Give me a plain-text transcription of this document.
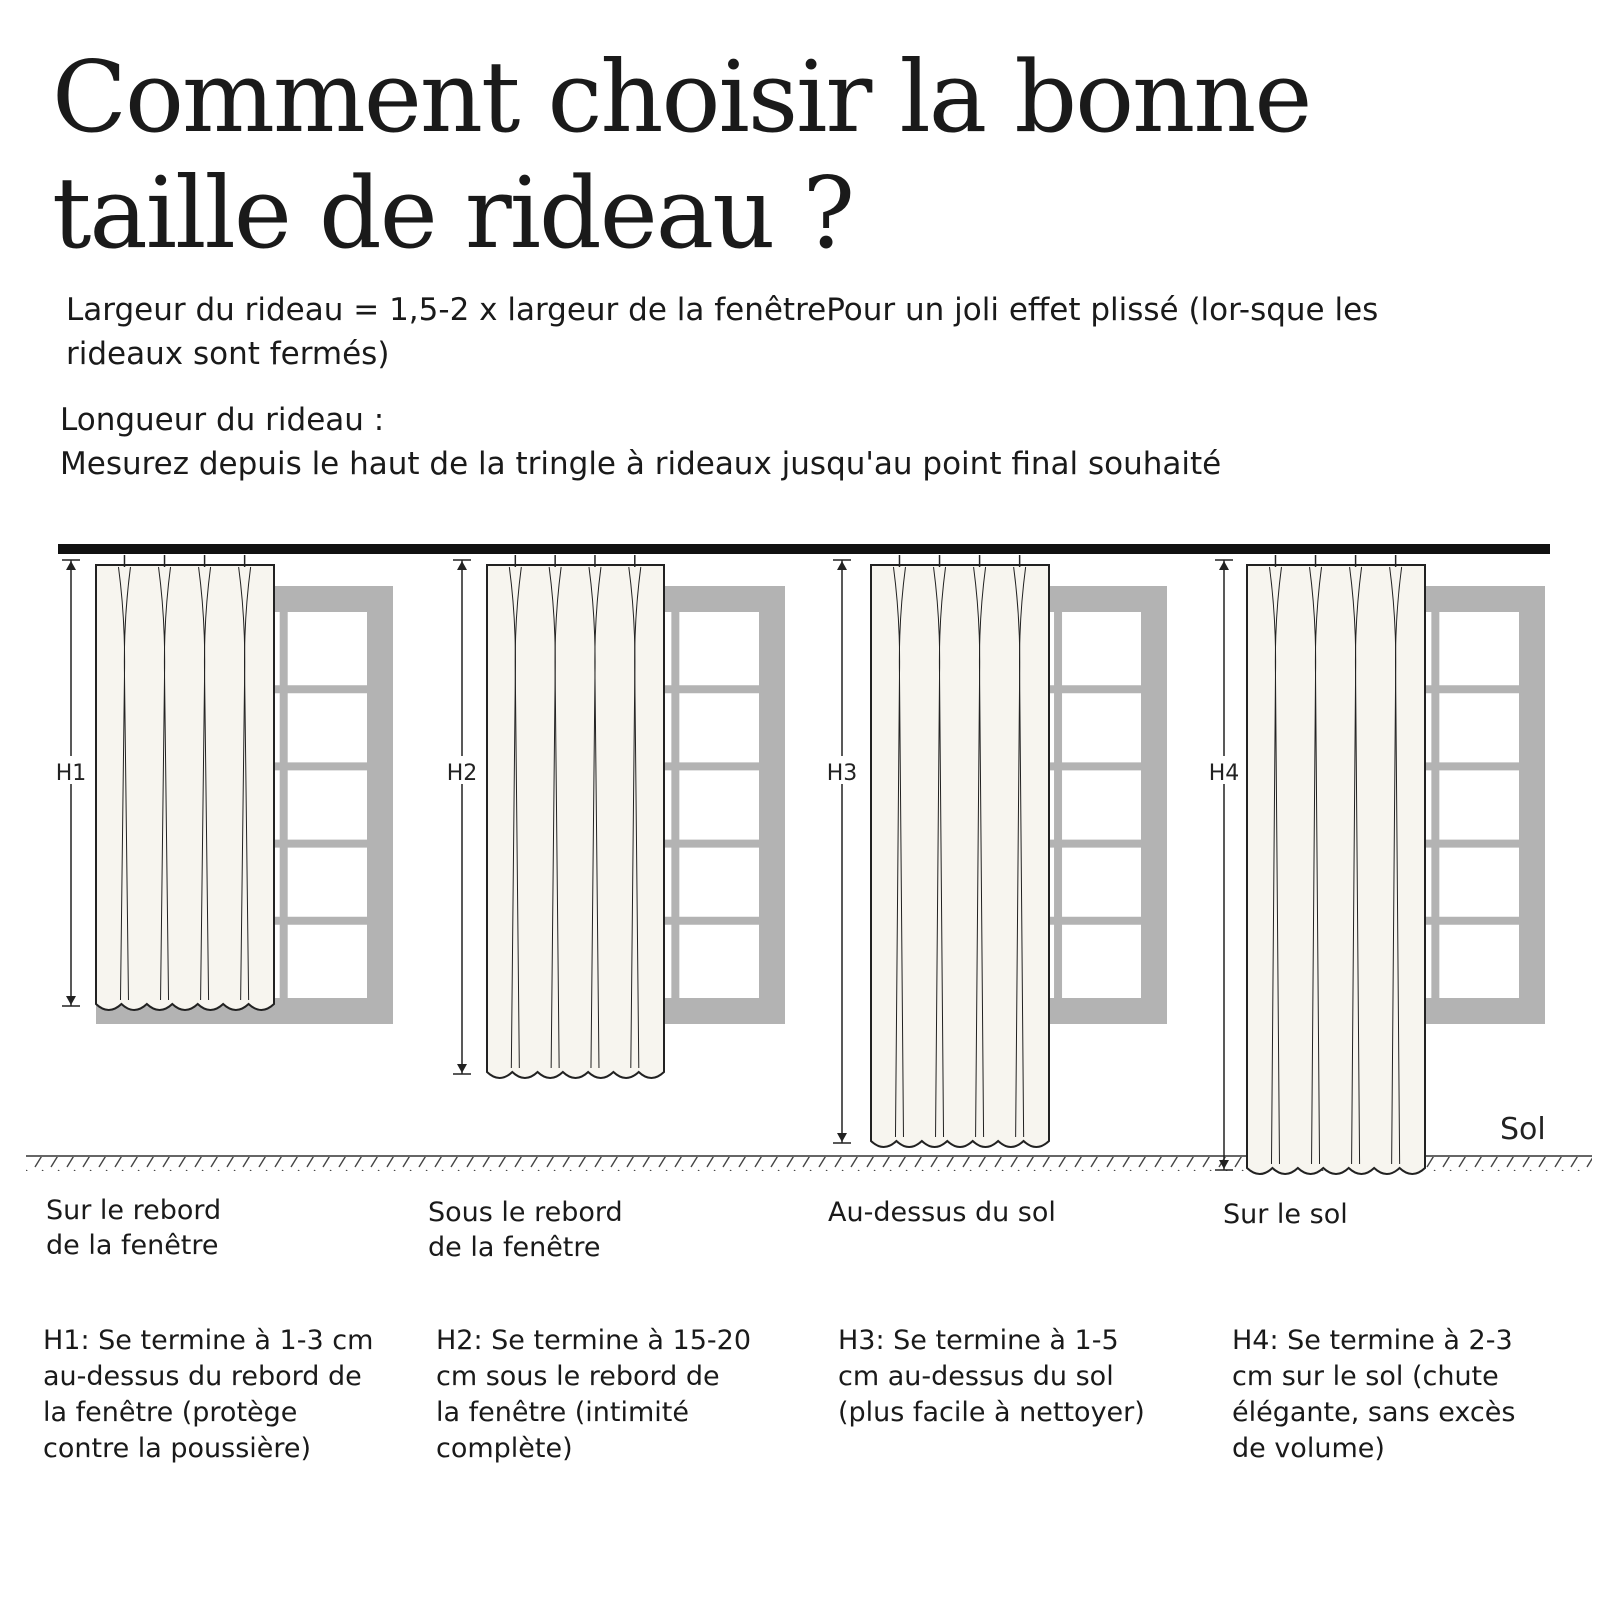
Comment choisir la bonne
taille de rideau ?

Largeur du rideau = 1,5-2 x largeur de la fenêtrePour un joli effet plissé (lor-sque les rideaux sont fermés)

Longueur du rideau :
Mesurez depuis le haut de la tringle à rideaux jusqu'au point final souhaité
Sol
H1	H2	H3	H4
Sur le rebord
de la fenêtre
Sous le rebord
de la fenêtre
Au-dessus du sol	Sur le sol
H1: Se termine à 1-3 cm
au-dessus du rebord de
la fenêtre (protège
contre la poussière)
H2: Se termine à 15-20
cm sous le rebord de
la fenêtre (intimité
complète)
H3: Se termine à 1-5
cm au-dessus du sol
(plus facile à nettoyer)
H4: Se termine à 2-3
cm sur le sol (chute
élégante, sans excès
de volume)
